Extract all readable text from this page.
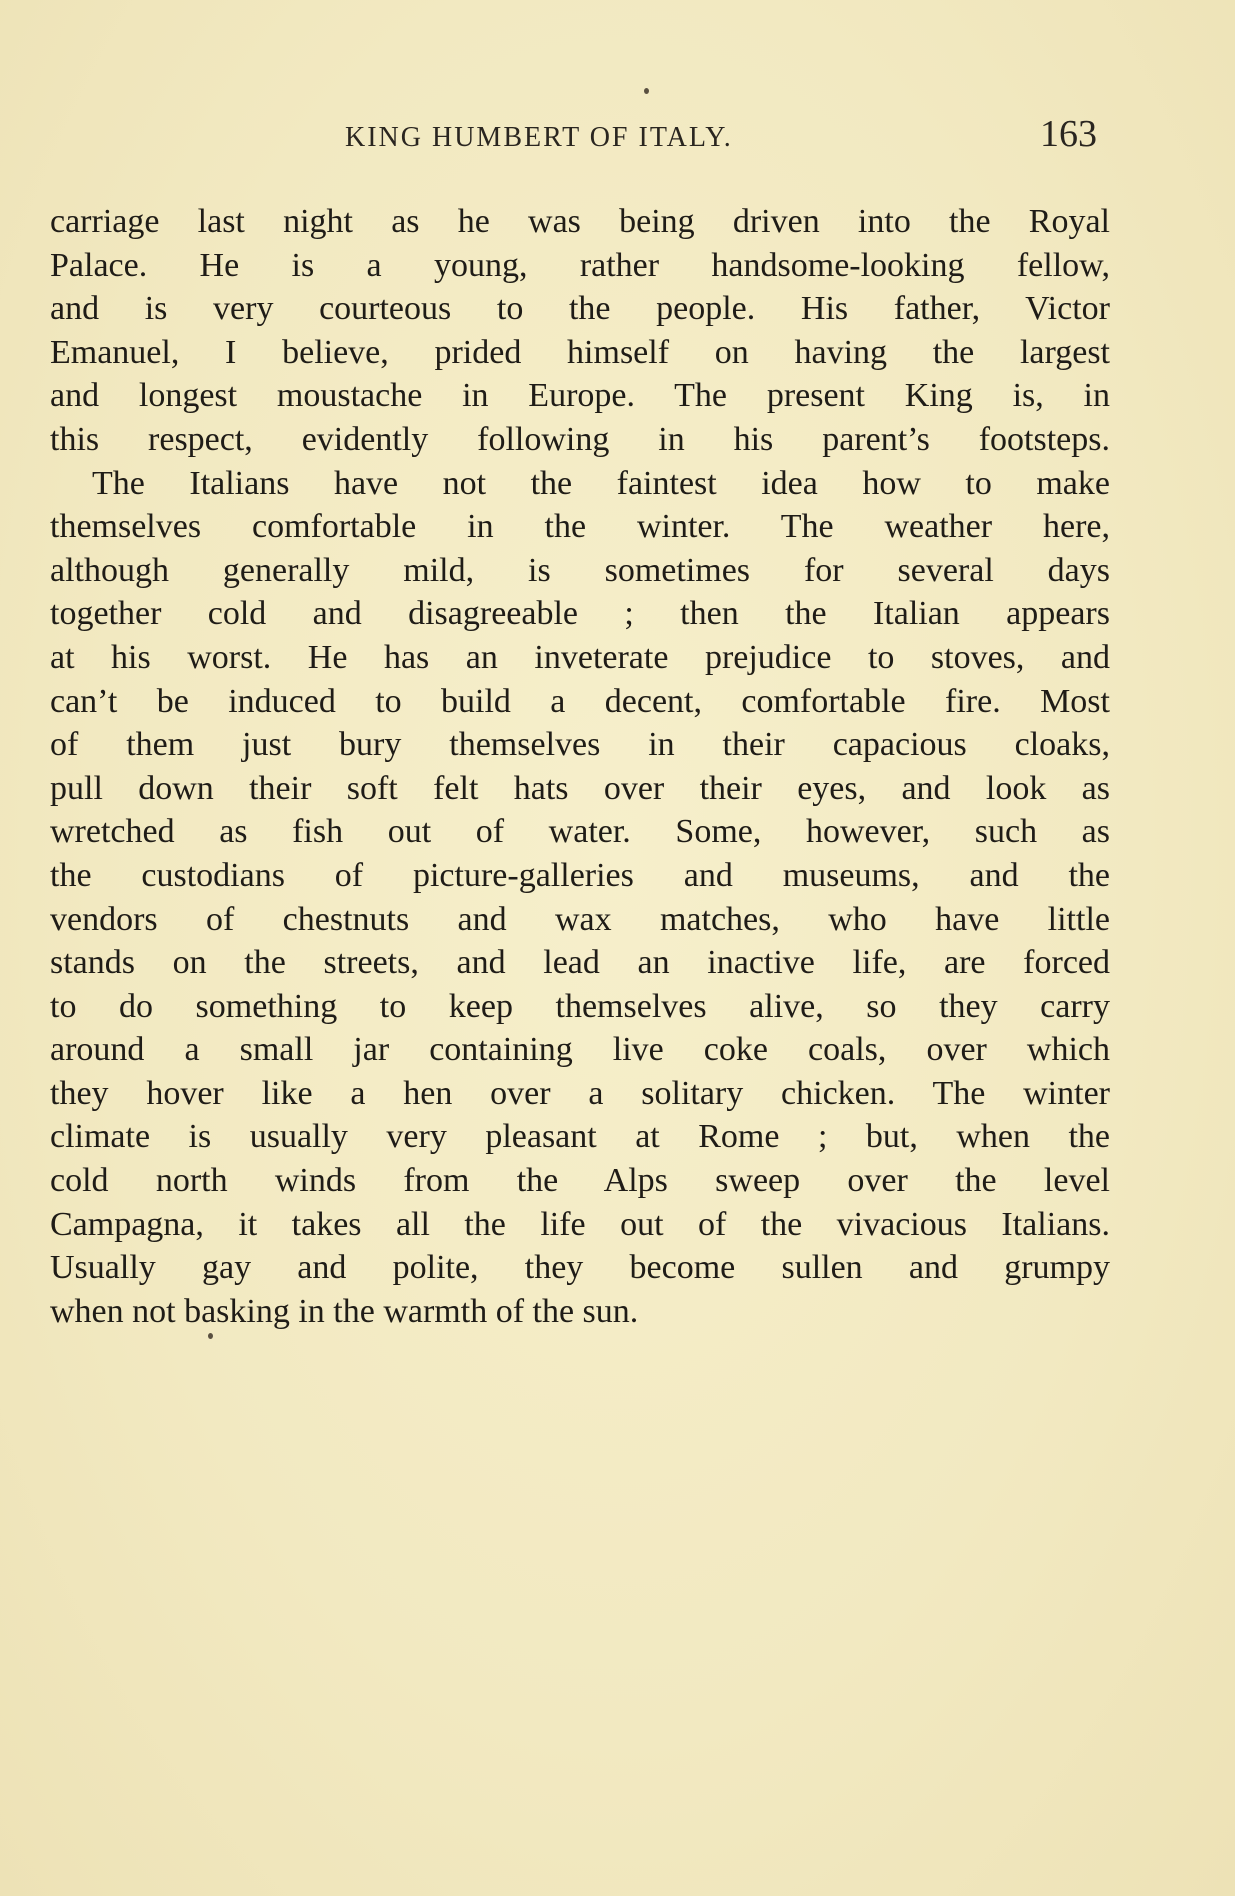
KING HUMBERT OF ITALY.	163
carriage last night as he was being driven into the Royal
Palace. He is a young, rather handsome-looking fellow,
and is very courteous to the people. His father, Victor
Emanuel, I believe, prided himself on having the largest
and longest moustache in Europe. The present King is, in
this respect, evidently following in his parent’s footsteps.
The Italians have not the faintest idea how to make
themselves comfortable in the winter. The weather here,
although generally mild, is sometimes for several days
together cold and disagreeable ; then the Italian appears
at his worst. He has an inveterate prejudice to stoves, and
can’t be induced to build a decent, comfortable fire. Most
of them just bury themselves in their capacious cloaks,
pull down their soft felt hats over their eyes, and look as
wretched as fish out of water. Some, however, such as
the custodians of picture-galleries and museums, and the
vendors of chestnuts and wax matches, who have little
stands on the streets, and lead an inactive life, are forced
to do something to keep themselves alive, so they carry
around a small jar containing live coke coals, over which
they hover like a hen over a solitary chicken. The winter
climate is usually very pleasant at Rome ; but, when the
cold north winds from the Alps sweep over the level
Campagna, it takes all the life out of the vivacious Italians.
Usually gay and polite, they become sullen and grumpy
when not basking in the warmth of the sun.
